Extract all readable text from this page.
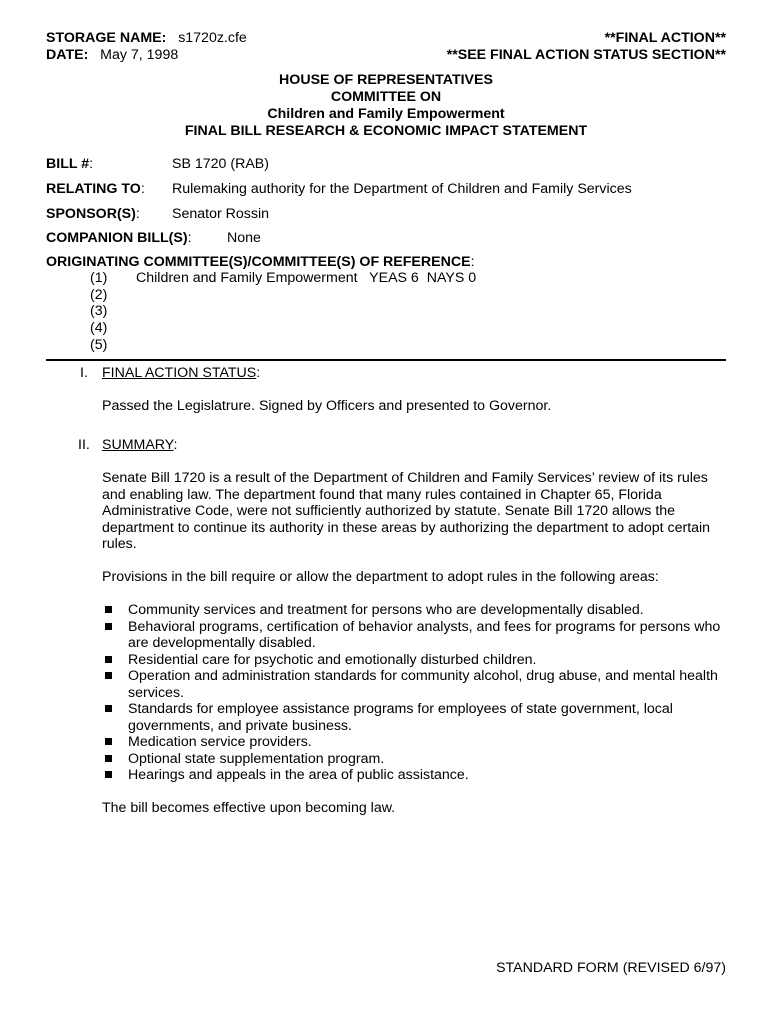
STORAGE NAME: s1720z.cfe
DATE: May 7, 1998
**FINAL ACTION**
**SEE FINAL ACTION STATUS SECTION**
HOUSE OF REPRESENTATIVES
COMMITTEE ON
Children and Family Empowerment
FINAL BILL RESEARCH & ECONOMIC IMPACT STATEMENT
BILL #:	SB 1720 (RAB)
RELATING TO: Rulemaking authority for the Department of Children and Family Services
SPONSOR(S): Senator Rossin
COMPANION BILL(S): None
ORIGINATING COMMITTEE(S)/COMMITTEE(S) OF REFERENCE:
(1) Children and Family Empowerment   YEAS 6  NAYS 0
(2)
(3)
(4)
(5)
I. FINAL ACTION STATUS:
Passed the Legislatrure. Signed by Officers and presented to Governor.
II. SUMMARY:
Senate Bill 1720 is a result of the Department of Children and Family Services’ review of its rules and enabling law. The department found that many rules contained in Chapter 65, Florida Administrative Code, were not sufficiently authorized by statute. Senate Bill 1720 allows the department to continue its authority in these areas by authorizing the department to adopt certain rules.
Provisions in the bill require or allow the department to adopt rules in the following areas:
Community services and treatment for persons who are developmentally disabled.
Behavioral programs, certification of behavior analysts, and fees for programs for persons who are developmentally disabled.
Residential care for psychotic and emotionally disturbed children.
Operation and administration standards for community alcohol, drug abuse, and mental health services.
Standards for employee assistance programs for employees of state government, local governments, and private business.
Medication service providers.
Optional state supplementation program.
Hearings and appeals in the area of public assistance.
The bill becomes effective upon becoming law.
STANDARD FORM (REVISED 6/97)
